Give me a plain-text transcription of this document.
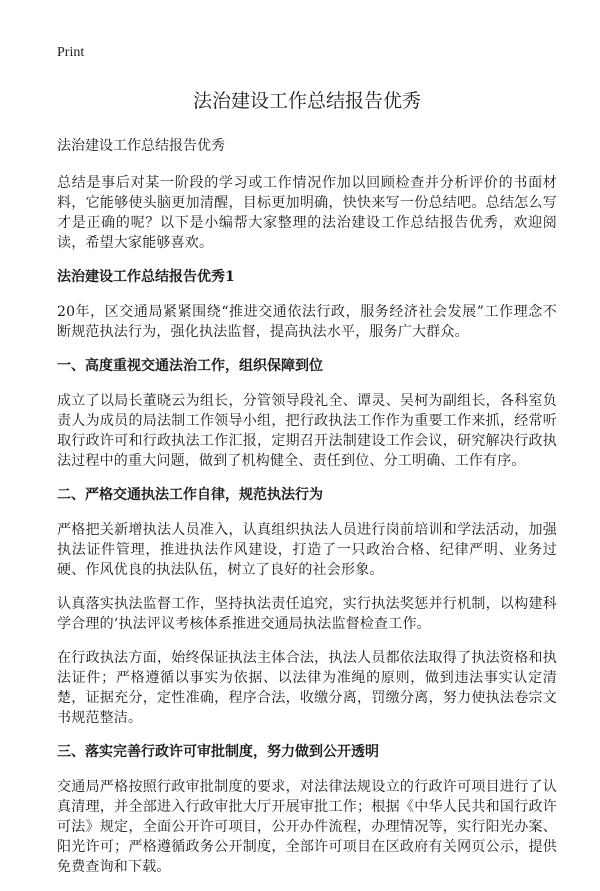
Print
法治建设工作总结报告优秀
法治建设工作总结报告优秀

总结是事后对某一阶段的学习或工作情况作加以回顾检查并分析评价的书面材料，它能够使头脑更加清醒，目标更加明确，快快来写一份总结吧。总结怎么写才是正确的呢？以下是小编帮大家整理的法治建设工作总结报告优秀，欢迎阅读，希望大家能够喜欢。

法治建设工作总结报告优秀1

20年，区交通局紧紧围绕“推进交通依法行政，服务经济社会发展”工作理念不断规范执法行为，强化执法监督，提高执法水平，服务广大群众。

一、高度重视交通法治工作，组织保障到位

成立了以局长董晓云为组长，分管领导段礼全、谭灵、吴柯为副组长，各科室负责人为成员的局法制工作领导小组，把行政执法工作作为重要工作来抓，经常听取行政许可和行政执法工作汇报，定期召开法制建设工作会议，研究解决行政执法过程中的重大问题，做到了机构健全、责任到位、分工明确、工作有序。

二、严格交通执法工作自律，规范执法行为

严格把关新增执法人员准入，认真组织执法人员进行岗前培训和学法活动，加强执法证件管理，推进执法作风建设，打造了一只政治合格、纪律严明、业务过硬、作风优良的执法队伍，树立了良好的社会形象。

认真落实执法监督工作，坚持执法责任追究，实行执法奖惩并行机制，以构建科学合理的‘执法评议考核体系推进交通局执法监督检查工作。

在行政执法方面，始终保证执法主体合法，执法人员都依法取得了执法资格和执法证件；严格遵循以事实为依据、以法律为准绳的原则，做到违法事实认定清楚，证据充分，定性准确，程序合法，收缴分离，罚缴分离，努力使执法卷宗文书规范整洁。

三、落实完善行政许可审批制度，努力做到公开透明

交通局严格按照行政审批制度的要求，对法律法规设立的行政许可项目进行了认真清理，并全部进入行政审批大厅开展审批工作；根据《中华人民共和国行政许可法》规定，全面公开许可项目，公开办件流程，办理情况等，实行阳光办案、阳光许可；严格遵循政务公开制度，全部许可项目在区政府有关网页公示，提供免费查询和下载。
